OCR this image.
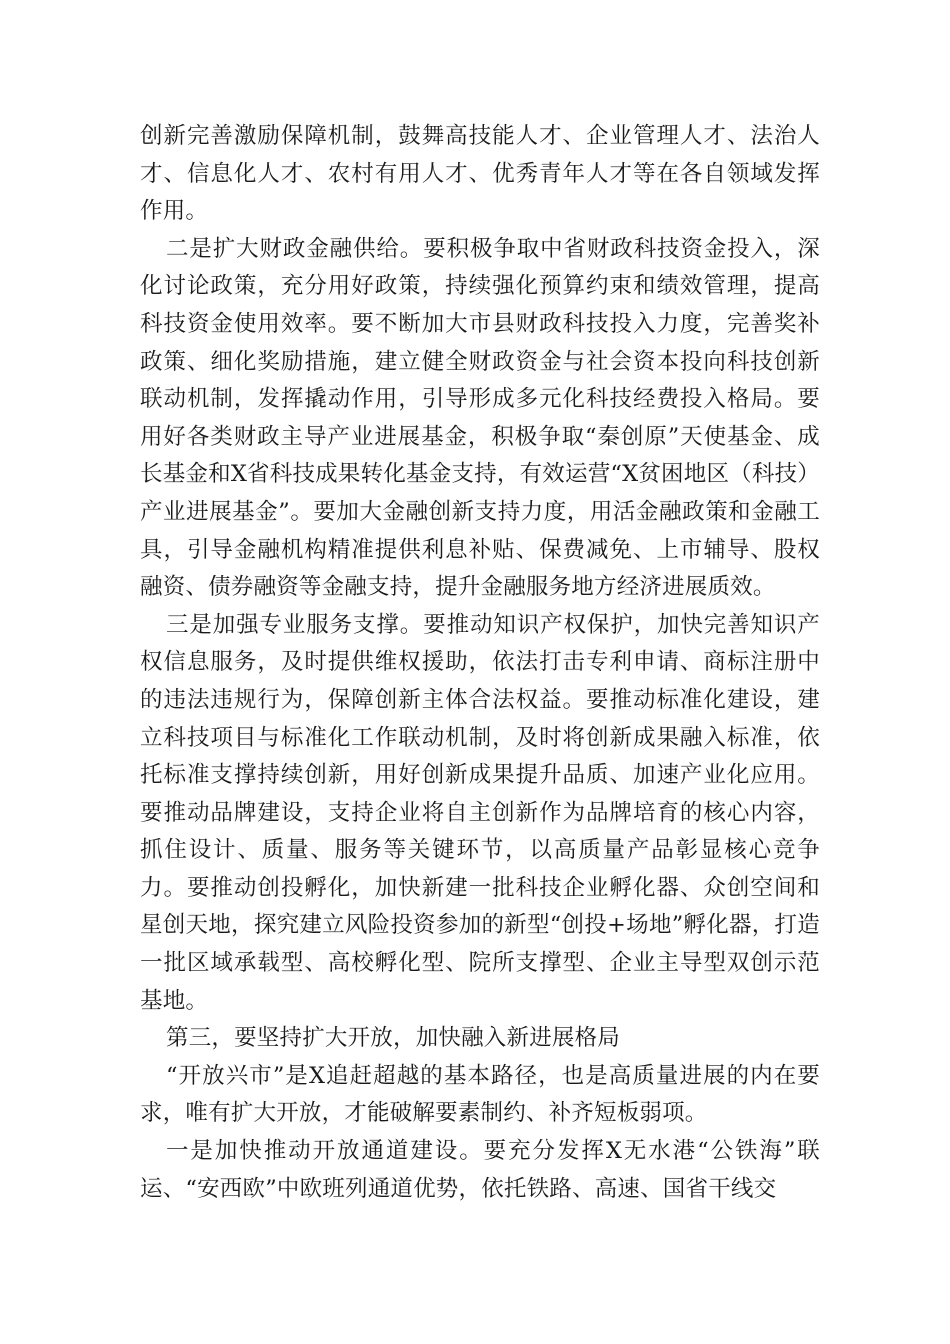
创新完善激励保障机制，鼓舞高技能人才、企业管理人才、法治人才、信息化人才、农村有用人才、优秀青年人才等在各自领域发挥作用。

二是扩大财政金融供给。要积极争取中省财政科技资金投入，深化讨论政策，充分用好政策，持续强化预算约束和绩效管理，提高科技资金使用效率。要不断加大市县财政科技投入力度，完善奖补政策、细化奖励措施，建立健全财政资金与社会资本投向科技创新联动机制，发挥撬动作用，引导形成多元化科技经费投入格局。要用好各类财政主导产业进展基金，积极争取“秦创原”天使基金、成长基金和X省科技成果转化基金支持，有效运营“X贫困地区（科技）产业进展基金”。要加大金融创新支持力度，用活金融政策和金融工具，引导金融机构精准提供利息补贴、保费减免、上市辅导、股权融资、债券融资等金融支持，提升金融服务地方经济进展质效。

三是加强专业服务支撑。要推动知识产权保护，加快完善知识产权信息服务，及时提供维权援助，依法打击专利申请、商标注册中的违法违规行为，保障创新主体合法权益。要推动标准化建设，建立科技项目与标准化工作联动机制，及时将创新成果融入标准，依托标准支撑持续创新，用好创新成果提升品质、加速产业化应用。要推动品牌建设，支持企业将自主创新作为品牌培育的核心内容，抓住设计、质量、服务等关键环节，以高质量产品彰显核心竞争力。要推动创投孵化，加快新建一批科技企业孵化器、众创空间和星创天地，探究建立风险投资参加的新型“创投+场地”孵化器，打造一批区域承载型、高校孵化型、院所支撑型、企业主导型双创示范基地。

第三，要坚持扩大开放，加快融入新进展格局

“开放兴市”是X追赶超越的基本路径，也是高质量进展的内在要求，唯有扩大开放，才能破解要素制约、补齐短板弱项。

一是加快推动开放通道建设。要充分发挥X无水港“公铁海”联运、“安西欧”中欧班列通道优势，依托铁路、高速、国省干线交
